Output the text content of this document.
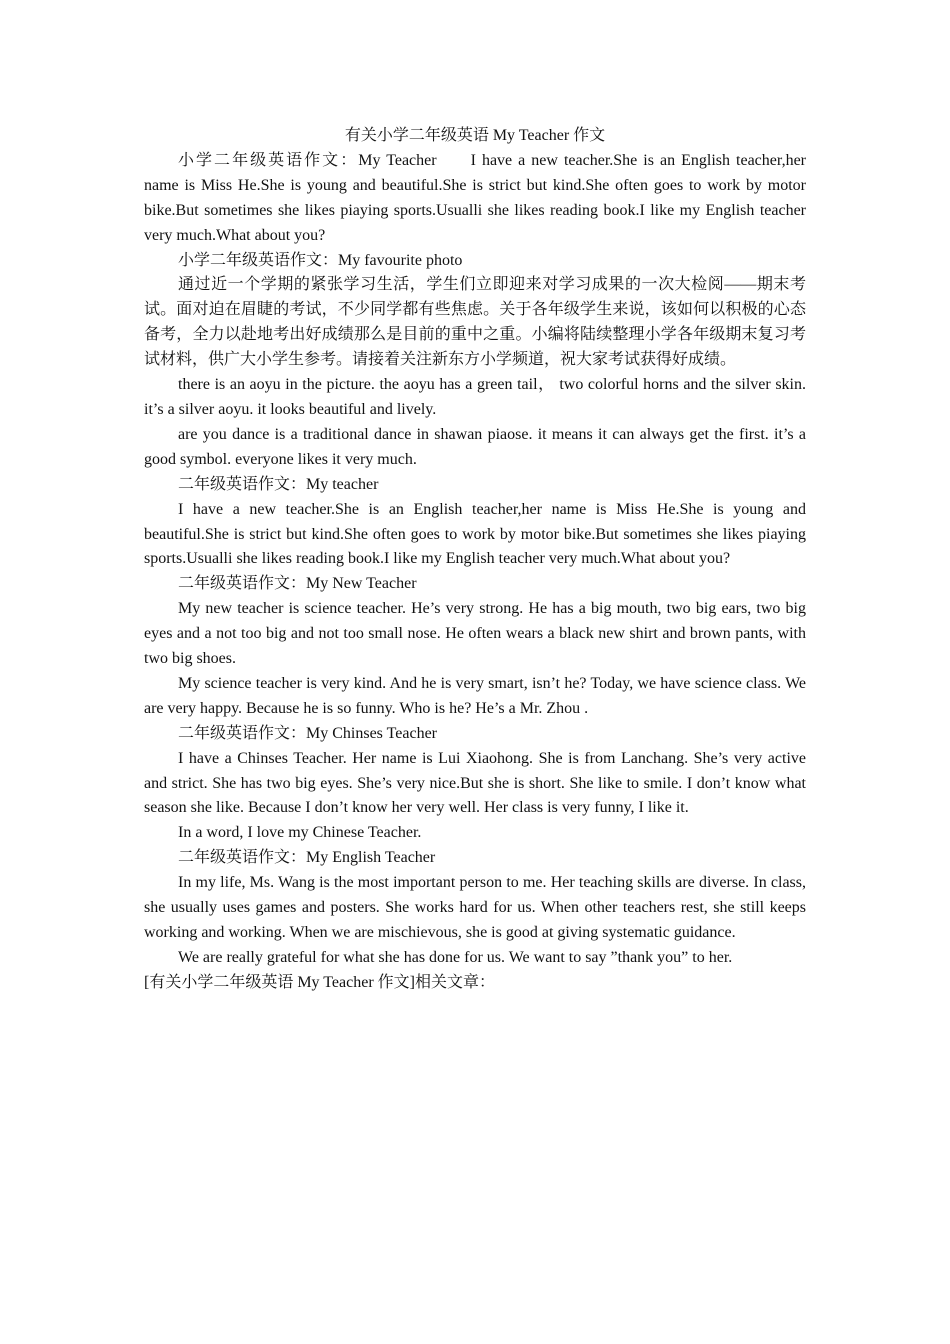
有关小学二年级英语 My Teacher 作文

小学二年级英语作文：My Teacher I have a new teacher.She is an English teacher,her name is Miss He.She is young and beautiful.She is strict but kind.She often goes to work by motor bike.But sometimes she likes piaying sports.Usualli she likes reading book.I like my English teacher very much.What about you?

小学二年级英语作文：My favourite photo

通过近一个学期的紧张学习生活，学生们立即迎来对学习成果的一次大检阅——期末考试。面对迫在眉睫的考试，不少同学都有些焦虑。关于各年级学生来说，该如何以积极的心态备考，全力以赴地考出好成绩那么是目前的重中之重。小编将陆续整理小学各年级期末复习考试材料，供广大小学生参考。请接着关注新东方小学频道，祝大家考试获得好成绩。

there is an aoyu in the picture. the aoyu has a green tail， two colorful horns and the silver skin. it’s a silver aoyu. it looks beautiful and lively.

are you dance is a traditional dance in shawan piaose. it means it can always get the first. it’s a good symbol. everyone likes it very much.

二年级英语作文：My teacher

I have a new teacher.She is an English teacher,her name is Miss He.She is young and beautiful.She is strict but kind.She often goes to work by motor bike.But sometimes she likes piaying sports.Usualli she likes reading book.I like my English teacher very much.What about you?

二年级英语作文：My New Teacher

My new teacher is science teacher. He’s very strong. He has a big mouth, two big ears, two big eyes and a not too big and not too small nose. He often wears a black new shirt and brown pants, with two big shoes.

My science teacher is very kind. And he is very smart, isn’t he? Today, we have science class. We are very happy. Because he is so funny. Who is he? He’s a Mr. Zhou .

二年级英语作文：My Chinses Teacher

I have a Chinses Teacher. Her name is Lui Xiaohong. She is from Lanchang. She’s very active and strict. She has two big eyes. She’s very nice.But she is short. She like to smile. I don’t know what season she like. Because I don’t know her very well. Her class is very funny, I like it.

In a word, I love my Chinese Teacher.

二年级英语作文：My English Teacher

In my life, Ms. Wang is the most important person to me. Her teaching skills are diverse. In class, she usually uses games and posters. She works hard for us. When other teachers rest, she still keeps working and working. When we are mischievous, she is good at giving systematic guidance.

We are really grateful for what she has done for us. We want to say ”thank you” to her.

[有关小学二年级英语 My Teacher 作文]相关文章：
